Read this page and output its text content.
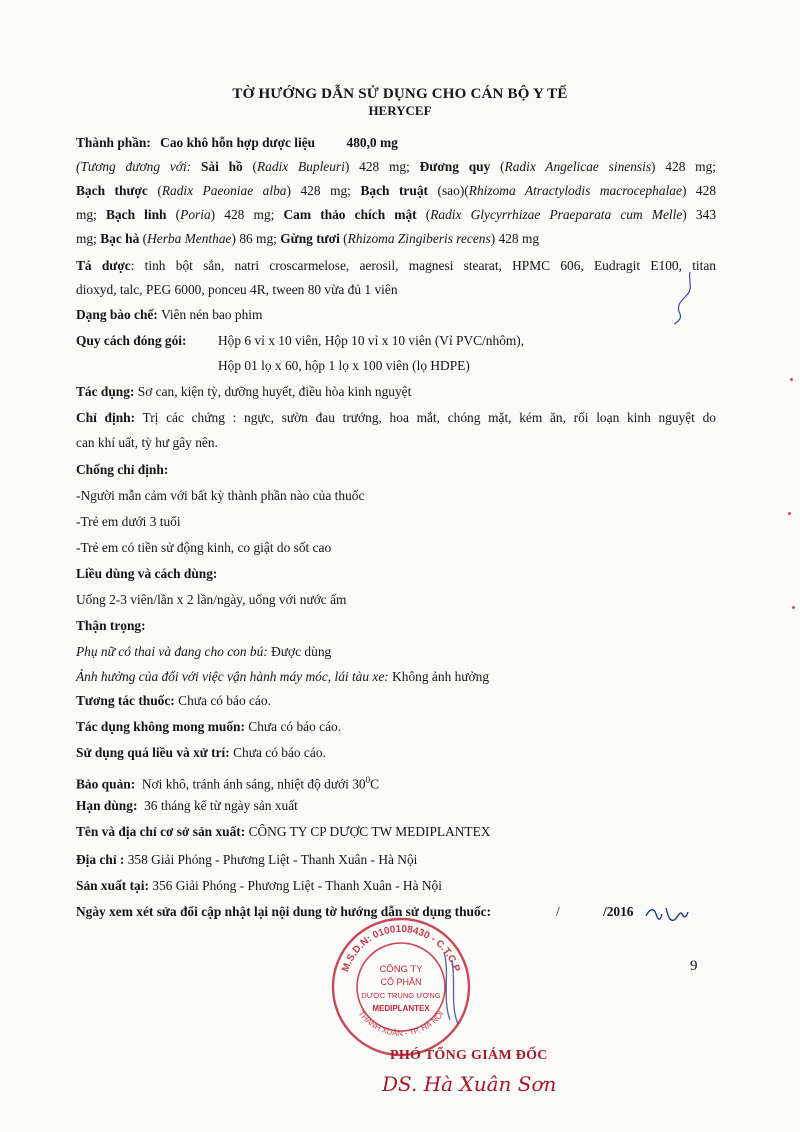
TỜ HƯỚNG DẪN SỬ DỤNG CHO CÁN BỘ Y TẾ
HERYCEF
Thành phần: Cao khô hỗn hợp dược liệu 480,0 mg
(Tương đương với: Sài hồ (Radix Bupleuri) 428 mg; Đương quy (Radix Angelicae sinensis) 428 mg;
Bạch thược (Radix Paeoniae alba) 428 mg; Bạch truật (sao)(Rhizoma Atractylodis macrocephalae) 428
mg; Bạch linh (Poria) 428 mg; Cam thảo chích mật (Radix Glycyrrhizae Praeparata cum Melle) 343
mg; Bạc hà (Herba Menthae) 86 mg; Gừng tươi (Rhizoma Zingiberis recens) 428 mg
Tá dược: tinh bột sắn, natri croscarmelose, aerosil, magnesi stearat, HPMC 606, Eudragit E100, titan
dioxyd, talc, PEG 6000, ponceu 4R, tween 80 vừa đủ 1 viên
Dạng bào chế: Viên nén bao phim
Quy cách đóng gói:	Hộp 6 vỉ x 10 viên, Hộp 10 vỉ x 10 viên (Vỉ PVC/nhôm),
Hộp 01 lọ x 60, hộp 1 lọ x 100 viên (lọ HDPE)
Tác dụng: Sơ can, kiện tỳ, dưỡng huyết, điều hòa kinh nguyệt
Chỉ định: Trị các chứng : ngực, sườn đau trướng, hoa mắt, chóng mặt, kém ăn, rối loạn kinh nguyệt do
can khí uất, tỳ hư gây nên.
Chống chỉ định:
-Người mẫn cảm với bất kỳ thành phần nào của thuốc
-Trẻ em dưới 3 tuổi
-Trẻ em có tiền sử động kinh, co giật do sốt cao
Liều dùng và cách dùng:
Uống 2-3 viên/lần x 2 lần/ngày, uống với nước ấm
Thận trọng:
Phụ nữ có thai và đang cho con bú: Được dùng
Ảnh hưởng của đối với việc vận hành máy móc, lái tàu xe: Không ảnh hưởng
Tương tác thuốc: Chưa có báo cáo.
Tác dụng không mong muốn: Chưa có báo cáo.
Sử dụng quá liều và xử trí: Chưa có báo cáo.
Bảo quản: Nơi khô, tránh ánh sáng, nhiệt độ dưới $30^0C$
Hạn dùng: 36 tháng kể từ ngày sản xuất
Tên và địa chỉ cơ sở sản xuất: CÔNG TY CP DƯỢC TW MEDIPLANTEX
Địa chỉ : 358 Giải Phóng - Phương Liệt - Thanh Xuân - Hà Nội
Sản xuất tại: 356 Giải Phóng - Phương Liệt - Thanh Xuân - Hà Nội
Ngày xem xét sửa đổi cập nhật lại nội dung tờ hướng dẫn sử dụng thuốc:	/	/2016
9
M.S.D.N: 0100108430 - C.T.C.P
THANH XUÂN - TP. HÀ NỘI
CÔNG TY
CỔ PHẦN
DƯỢC TRUNG ƯƠNG
MEDIPLANTEX
PHÓ TỔNG GIÁM ĐỐC
DS. Hà Xuân Sơn
